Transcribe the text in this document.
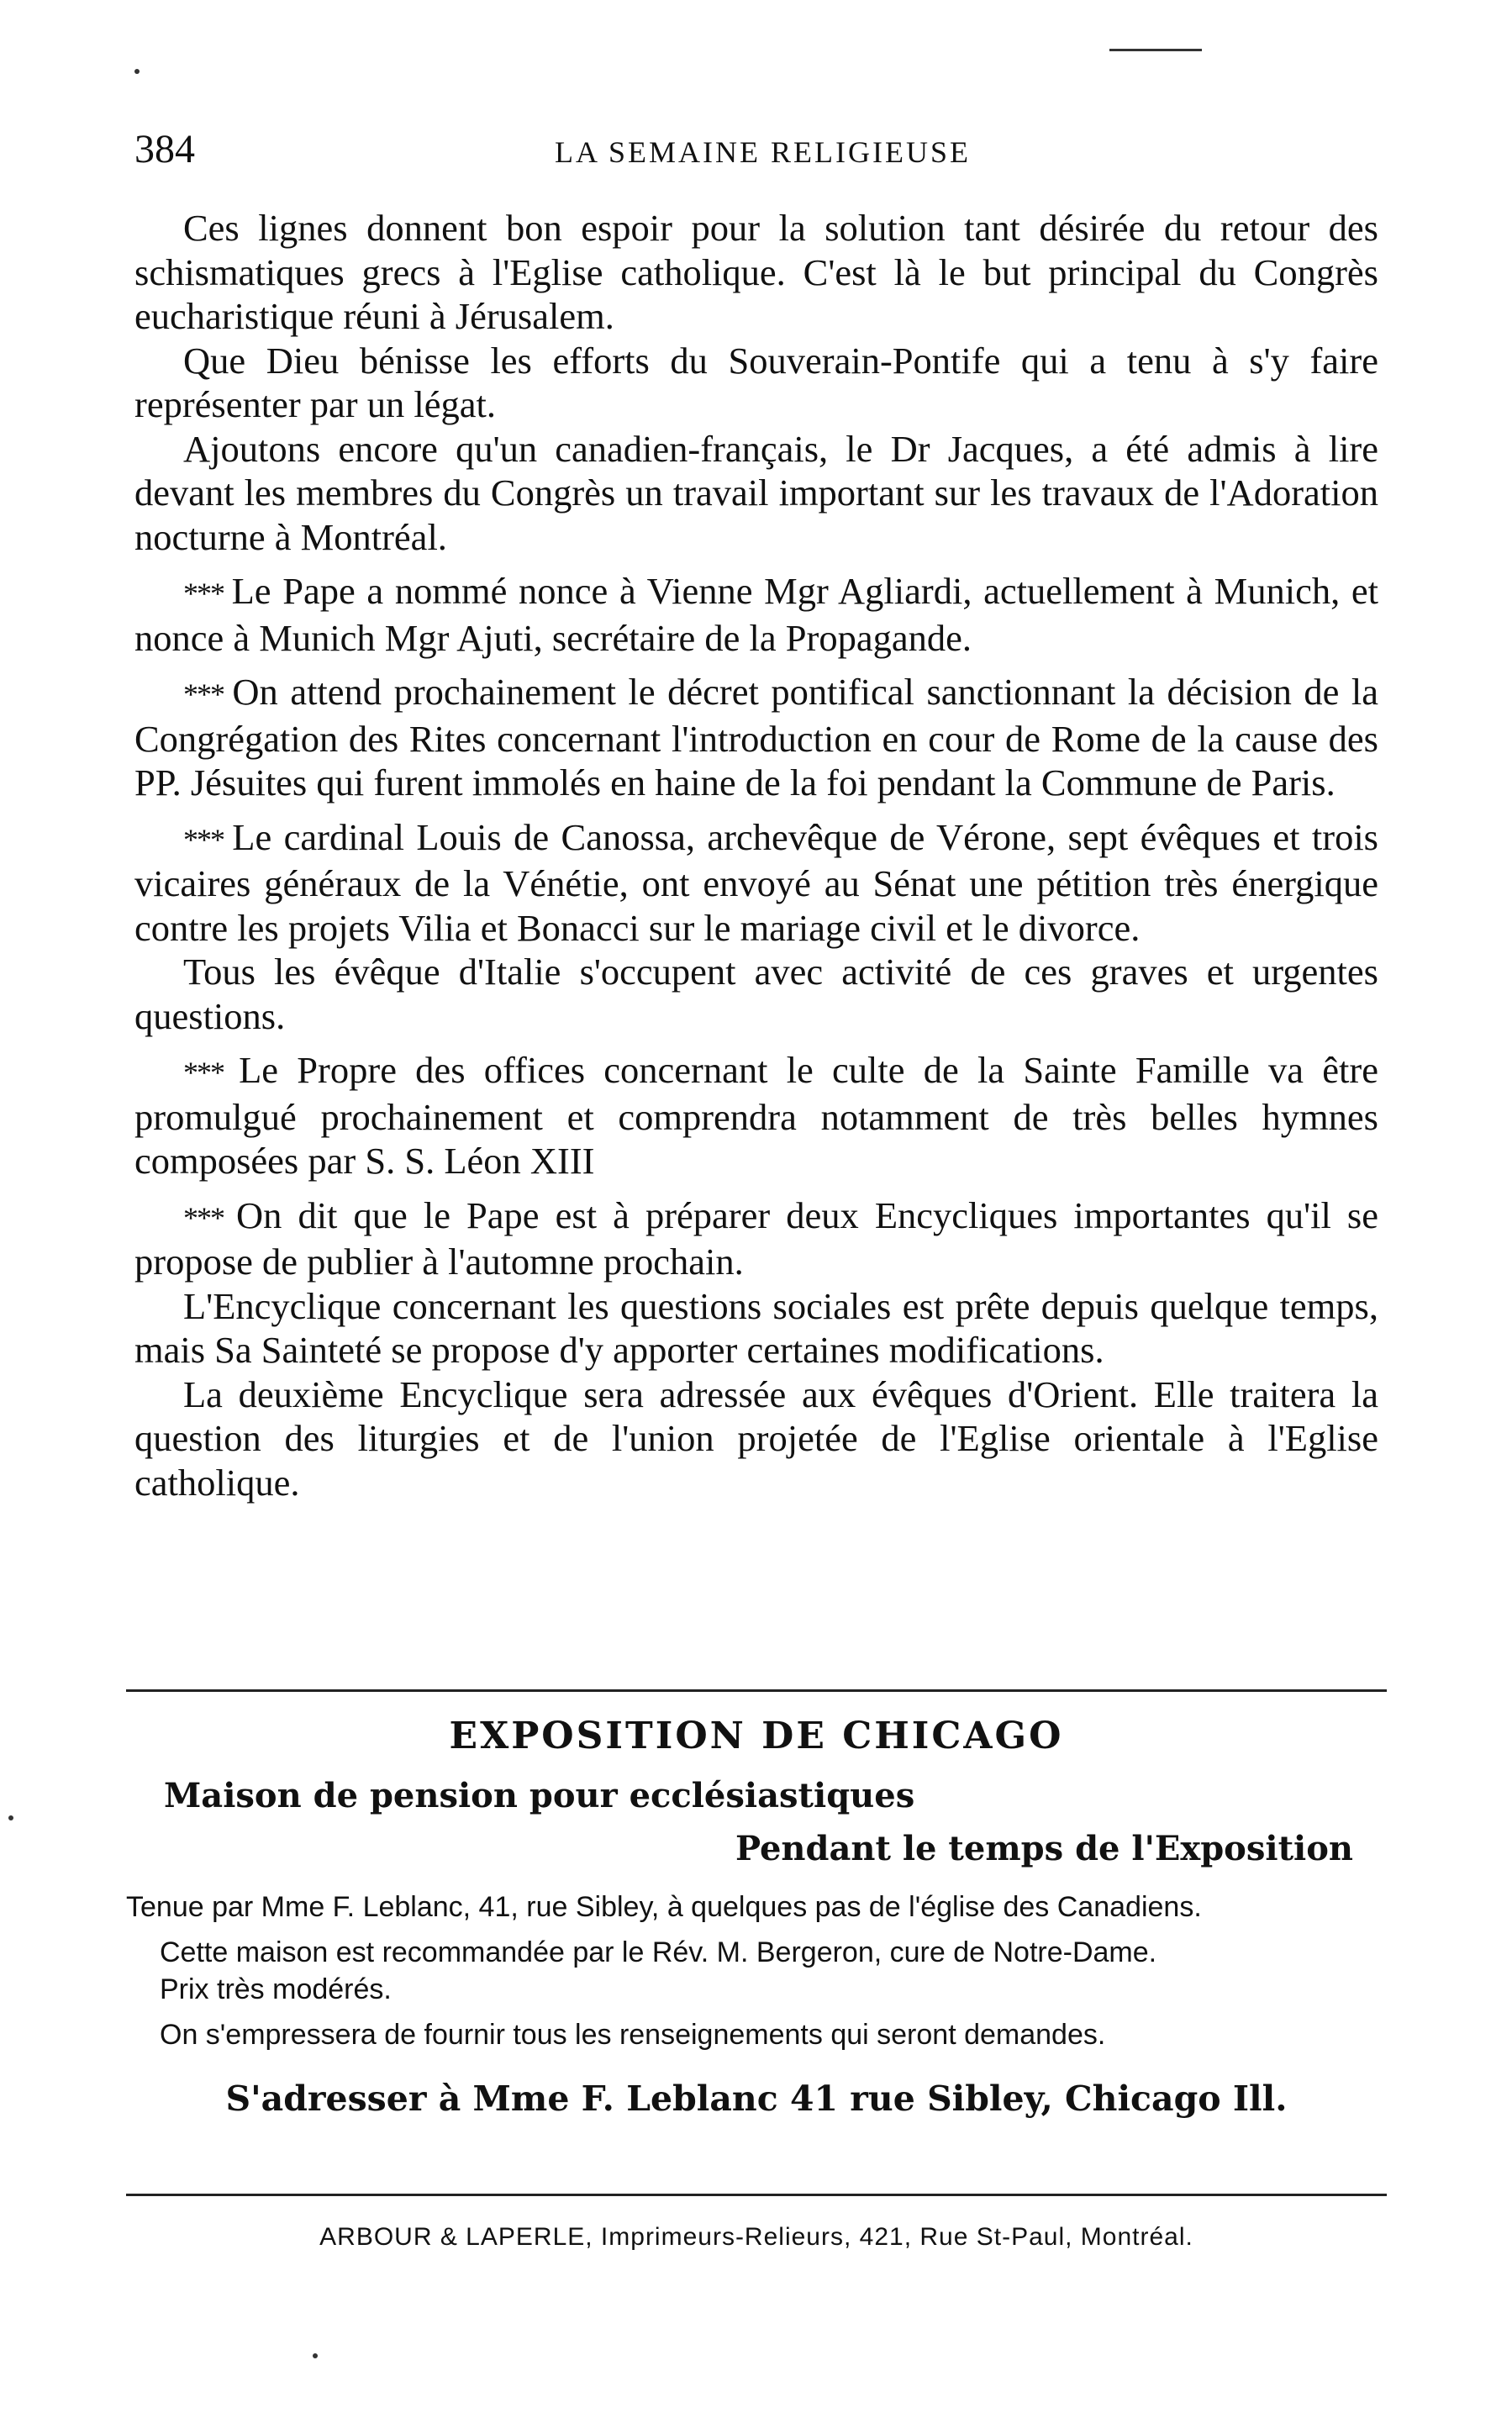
384	LA SEMAINE RELIGIEUSE

Ces lignes donnent bon espoir pour la solution tant désirée du retour des schismatiques grecs à l'Eglise catholique. C'est là le but principal du Congrès eucharistique réuni à Jérusalem.

Que Dieu bénisse les efforts du Souverain-Pontife qui a tenu à s'y faire représenter par un légat.

Ajoutons encore qu'un canadien-français, le Dr Jacques, a été admis à lire devant les membres du Congrès un travail important sur les travaux de l'Adoration nocturne à Montréal.

*** Le Pape a nommé nonce à Vienne Mgr Agliardi, actuellement à Munich, et nonce à Munich Mgr Ajuti, secrétaire de la Propagande.

*** On attend prochainement le décret pontifical sanctionnant la décision de la Congrégation des Rites concernant l'introduction en cour de Rome de la cause des PP. Jésuites qui furent immolés en haine de la foi pendant la Commune de Paris.

*** Le cardinal Louis de Canossa, archevêque de Vérone, sept évêques et trois vicaires généraux de la Vénétie, ont envoyé au Sénat une pétition très énergique contre les projets Vilia et Bonacci sur le mariage civil et le divorce.

Tous les évêque d'Italie s'occupent avec activité de ces graves et urgentes questions.

*** Le Propre des offices concernant le culte de la Sainte Famille va être promulgué prochainement et comprendra notamment de très belles hymnes composées par S. S. Léon XIII

*** On dit que le Pape est à préparer deux Encycliques importantes qu'il se propose de publier à l'automne prochain.

L'Encyclique concernant les questions sociales est prête depuis quelque temps, mais Sa Sainteté se propose d'y apporter certaines modifications.

La deuxième Encyclique sera adressée aux évêques d'Orient. Elle traitera la question des liturgies et de l'union projetée de l'Eglise orientale à l'Eglise catholique.

EXPOSITION DE CHICAGO
Maison de pension pour ecclésiastiques
Pendant le temps de l'Exposition
Tenue par Mme F. Leblanc, 41, rue Sibley, à quelques pas de l'église des Canadiens.
Cette maison est recommandée par le Rév. M. Bergeron, cure de Notre-Dame.
Prix très modérés.
On s'empressera de fournir tous les renseignements qui seront demandes.
S'adresser à Mme F. Leblanc 41 rue Sibley, Chicago Ill.
ARBOUR & LAPERLE, Imprimeurs-Relieurs, 421, Rue St-Paul, Montréal.
